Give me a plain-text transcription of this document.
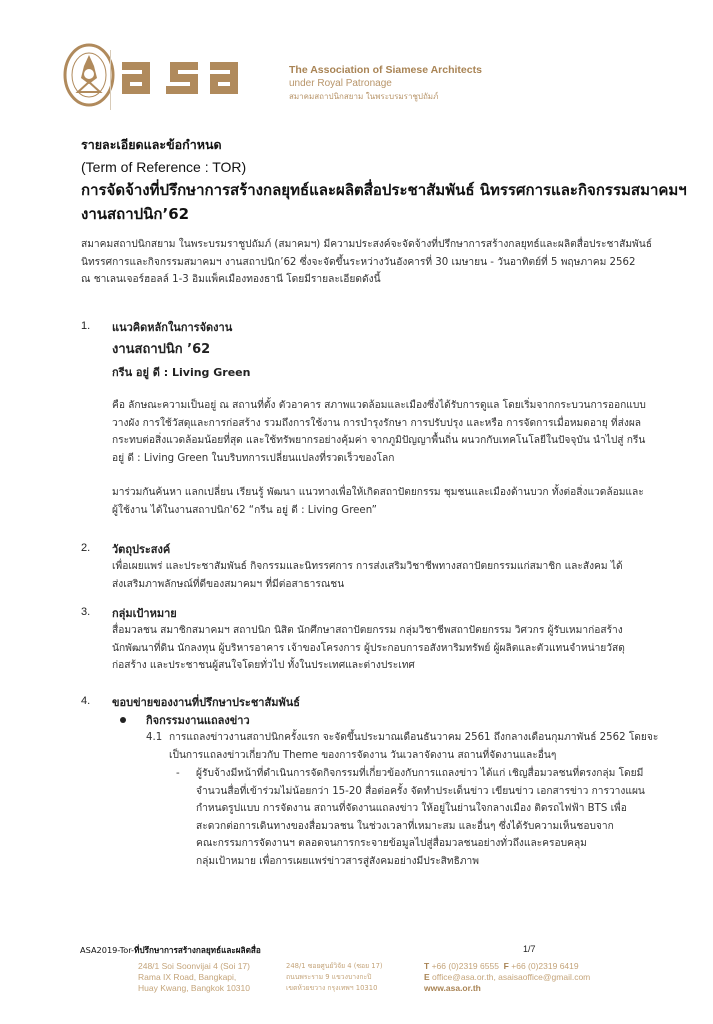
The Association of Siamese Architects
under Royal Patronage
สมาคมสถาปนิกสยาม ในพระบรมราชูปถัมภ์
รายละเอียดและข้อกำหนด
(Term of Reference : TOR)
การจัดจ้างที่ปรึกษาการสร้างกลยุทธ์และผลิตสื่อประชาสัมพันธ์ นิทรรศการและกิจกรรมสมาคมฯ
งานสถาปนิก’62
สมาคมสถาปนิกสยาม ในพระบรมราชูปถัมภ์ (สมาคมฯ) มีความประสงค์จะจัดจ้างที่ปรึกษาการสร้างกลยุทธ์และผลิตสื่อประชาสัมพันธ์
นิทรรศการและกิจกรรมสมาคมฯ งานสถาปนิก’62 ซึ่งจะจัดขึ้นระหว่างวันอังคารที่ 30 เมษายน - วันอาทิตย์ที่ 5 พฤษภาคม 2562
ณ ชาเลนเจอร์ฮอลล์ 1-3 อิมแพ็คเมืองทองธานี โดยมีรายละเอียดดังนี้
1. แนวคิดหลักในการจัดงาน
งานสถาปนิก ’62
กรีน อยู่ ดี : Living Green
คือ ลักษณะความเป็นอยู่ ณ สถานที่ตั้ง ตัวอาคาร สภาพแวดล้อมและเมืองซึ่งได้รับการดูแล โดยเริ่มจากกระบวนการออกแบบ
วางผัง การใช้วัสดุและการก่อสร้าง รวมถึงการใช้งาน การบำรุงรักษา การปรับปรุง และหรือ การจัดการเมื่อหมดอายุ ที่ส่งผล
กระทบต่อสิ่งแวดล้อมน้อยที่สุด และใช้ทรัพยากรอย่างคุ้มค่า จากภูมิปัญญาพื้นถิ่น ผนวกกับเทคโนโลยีในปัจจุบัน นำไปสู่ กรีน
อยู่ ดี : Living Green ในบริบทการเปลี่ยนแปลงที่รวดเร็วของโลก
มาร่วมกันค้นหา แลกเปลี่ยน เรียนรู้ พัฒนา แนวทางเพื่อให้เกิดสถาปัตยกรรม ชุมชนและเมืองด้านบวก ทั้งต่อสิ่งแวดล้อมและ
ผู้ใช้งาน ได้ในงานสถาปนิก'62 “กรีน อยู่ ดี : Living Green”
2. วัตถุประสงค์
เพื่อเผยแพร่ และประชาสัมพันธ์ กิจกรรมและนิทรรศการ การส่งเสริมวิชาชีพทางสถาปัตยกรรมแก่สมาชิก และสังคม ได้
ส่งเสริมภาพลักษณ์ที่ดีของสมาคมฯ ที่มีต่อสาธารณชน
3. กลุ่มเป้าหมาย
สื่อมวลชน สมาชิกสมาคมฯ สถาปนิก นิสิต นักศึกษาสถาปัตยกรรม กลุ่มวิชาชีพสถาปัตยกรรม วิศวกร ผู้รับเหมาก่อสร้าง
นักพัฒนาที่ดิน นักลงทุน ผู้บริหารอาคาร เจ้าของโครงการ ผู้ประกอบการอสังหาริมทรัพย์ ผู้ผลิตและตัวแทนจำหน่ายวัสดุ
ก่อสร้าง และประชาชนผู้สนใจโดยทั่วไป ทั้งในประเทศและต่างประเทศ
4. ขอบข่ายของงานที่ปรึกษาประชาสัมพันธ์
กิจกรรมงานแถลงข่าว
4.1 การแถลงข่าวงานสถาปนิกครั้งแรก จะจัดขึ้นประมาณเดือนธันวาคม 2561 ถึงกลางเดือนกุมภาพันธ์ 2562 โดยจะ
เป็นการแถลงข่าวเกี่ยวกับ Theme ของการจัดงาน วันเวลาจัดงาน สถานที่จัดงานและอื่นๆ
- ผู้รับจ้างมีหน้าที่ดำเนินการจัดกิจกรรมที่เกี่ยวข้องกับการแถลงข่าว ได้แก่ เชิญสื่อมวลชนที่ตรงกลุ่ม โดยมี
จำนวนสื่อที่เข้าร่วมไม่น้อยกว่า 15-20 สื่อต่อครั้ง จัดทำประเด็นข่าว เขียนข่าว เอกสารข่าว การวางแผน
กำหนดรูปแบบ การจัดงาน สถานที่จัดงานแถลงข่าว ให้อยู่ในย่านใจกลางเมือง ติดรถไฟฟ้า BTS เพื่อ
สะดวกต่อการเดินทางของสื่อมวลชน ในช่วงเวลาที่เหมาะสม และอื่นๆ ซึ่งได้รับความเห็นชอบจาก
คณะกรรมการจัดงานฯ ตลอดจนการกระจายข้อมูลไปสู่สื่อมวลชนอย่างทั่วถึงและครอบคลุม
กลุ่มเป้าหมาย เพื่อการเผยแพร่ข่าวสารสู่สังคมอย่างมีประสิทธิภาพ
ASA2019-Tor-ที่ปรึกษาการสร้างกลยุทธ์และผลิตสื่อ	1/7
248/1 Soi Soonvijai 4 (Soi 17)
Rama IX Road, Bangkapi,
Huay Kwang, Bangkok 10310
248/1 ซอยศูนย์วิจัย 4 (ซอย 17)
ถนนพระราม 9 แขวงบางกะปิ
เขตห้วยขวาง กรุงเทพฯ 10310
T +66 (0)2319 6555 F +66 (0)2319 6419
E office@asa.or.th, asaisaoffice@gmail.com
www.asa.or.th
